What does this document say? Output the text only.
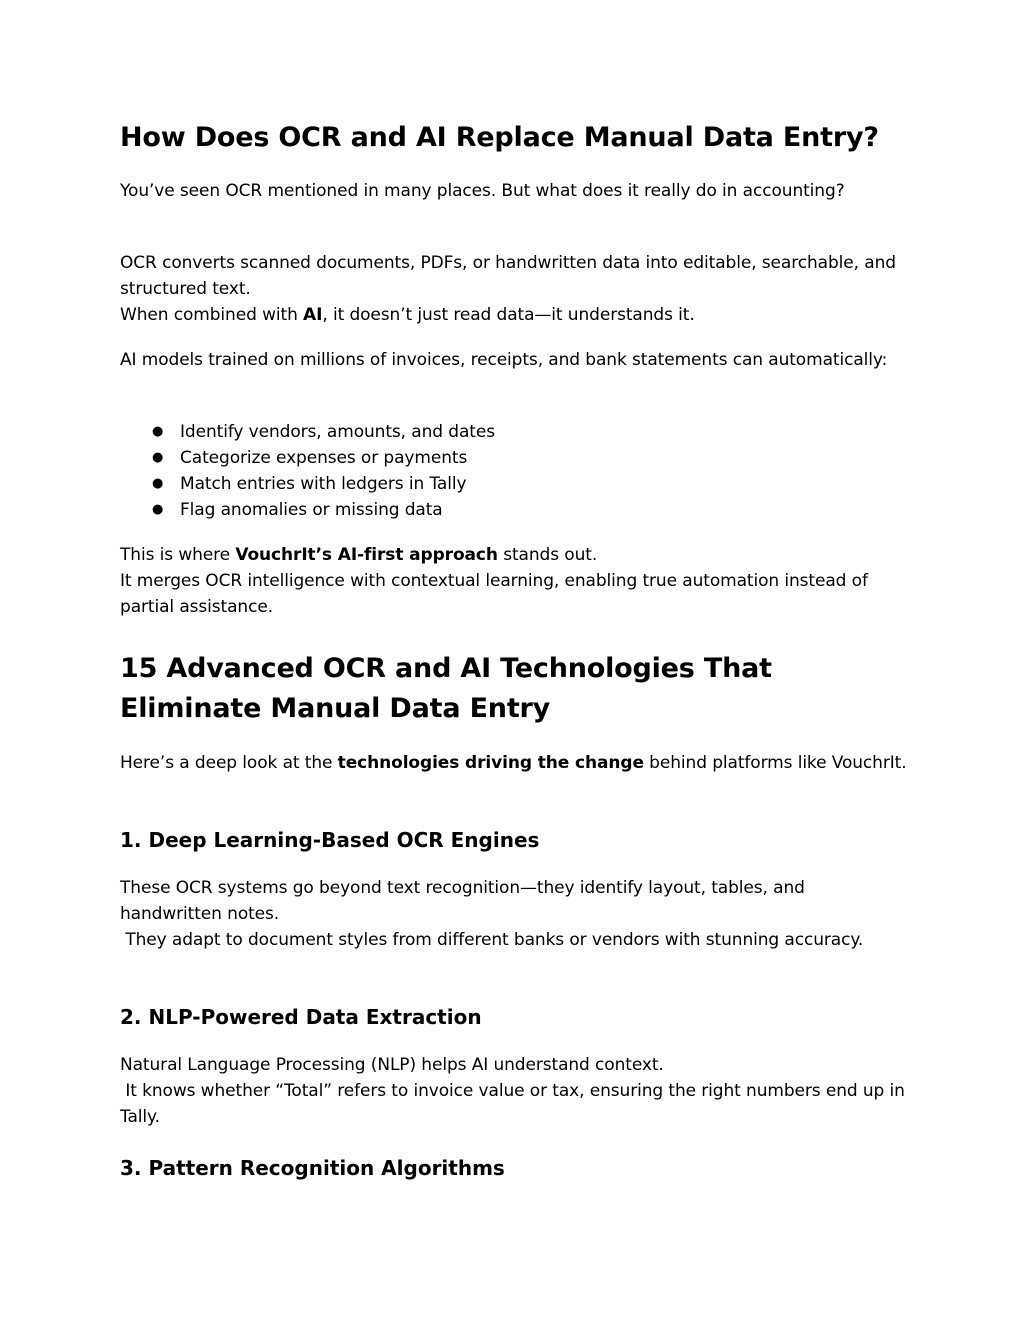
How Does OCR and AI Replace Manual Data Entry?

You’ve seen OCR mentioned in many places. But what does it really do in accounting?

OCR converts scanned documents, PDFs, or handwritten data into editable, searchable, and structured text.
When combined with AI, it doesn’t just read data—it understands it.

AI models trained on millions of invoices, receipts, and bank statements can automatically:

● Identify vendors, amounts, and dates
● Categorize expenses or payments
● Match entries with ledgers in Tally
● Flag anomalies or missing data
This is where VouchrIt’s AI-first approach stands out.
It merges OCR intelligence with contextual learning, enabling true automation instead of partial assistance.
15 Advanced OCR and AI Technologies That Eliminate Manual Data Entry
Here’s a deep look at the technologies driving the change behind platforms like VouchrIt.
1. Deep Learning-Based OCR Engines
These OCR systems go beyond text recognition—they identify layout, tables, and handwritten notes.
They adapt to document styles from different banks or vendors with stunning accuracy.
2. NLP-Powered Data Extraction
Natural Language Processing (NLP) helps AI understand context.
It knows whether “Total” refers to invoice value or tax, ensuring the right numbers end up in Tally.
3. Pattern Recognition Algorithms
